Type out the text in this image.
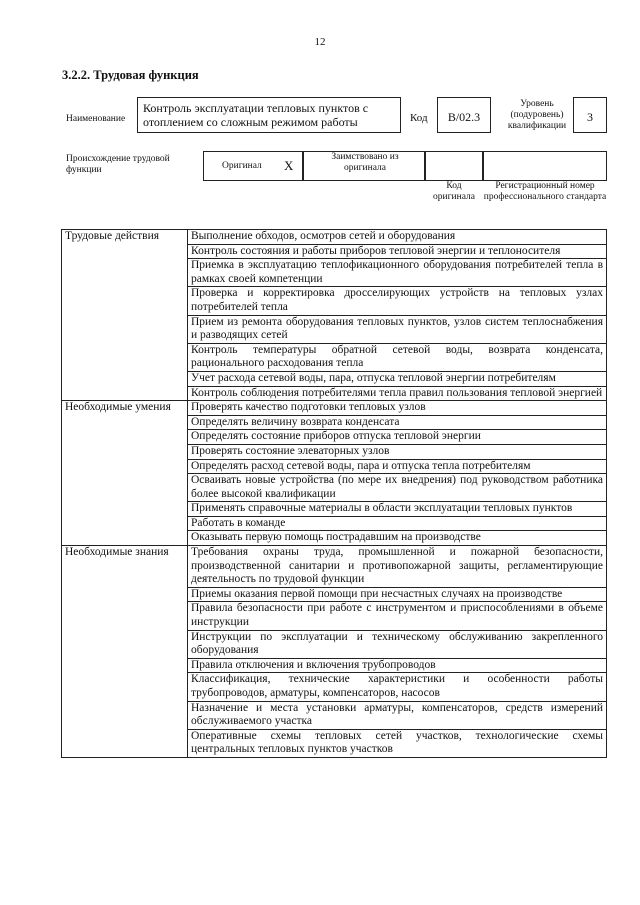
12
3.2.2. Трудовая функция
Наименование
Контроль эксплуатации тепловых пунктов с отоплением со сложным режимом работы	Код	B/02.3
Уровень (подуровень) квалификации
3
Происхождение трудовой функции	Оригинал X
Заимствовано из оригинала
Код оригинала
Регистрационный номер профессионального стандарта
Трудовые действия	Выполнение обходов, осмотров сетей и оборудования
	Контроль состояния и работы приборов тепловой энергии и теплоносителя
	Приемка в эксплуатацию теплофикационного оборудования потребителей тепла в рамках своей компетенции
	Проверка и корректировка дросселирующих устройств на тепловых узлах потребителей тепла
	Прием из ремонта оборудования тепловых пунктов, узлов систем теплоснабжения и разводящих сетей
	Контроль температуры обратной сетевой воды, возврата конденсата, рационального расходования тепла
	Учет расхода сетевой воды, пара, отпуска тепловой энергии потребителям
	Контроль соблюдения потребителями тепла правил пользования тепловой энергией
Необходимые умения	Проверять качество подготовки тепловых узлов
	Определять величину возврата конденсата
	Определять состояние приборов отпуска тепловой энергии
	Проверять состояние элеваторных узлов
	Определять расход сетевой воды, пара и отпуска тепла потребителям
	Осваивать новые устройства (по мере их внедрения) под руководством работника более высокой квалификации
	Применять справочные материалы в области эксплуатации тепловых пунктов
	Работать в команде
	Оказывать первую помощь пострадавшим на производстве
Необходимые знания	Требования охраны труда, промышленной и пожарной безопасности, производственной санитарии и противопожарной защиты, регламентирующие деятельность по трудовой функции
	Приемы оказания первой помощи при несчастных случаях на производстве
	Правила безопасности при работе с инструментом и приспособлениями в объеме инструкции
	Инструкции по эксплуатации и техническому обслуживанию закрепленного оборудования
	Правила отключения и включения трубопроводов
	Классификация, технические характеристики и особенности работы трубопроводов, арматуры, компенсаторов, насосов
	Назначение и места установки арматуры, компенсаторов, средств измерений обслуживаемого участка
	Оперативные схемы тепловых сетей участков, технологические схемы центральных тепловых пунктов участков
